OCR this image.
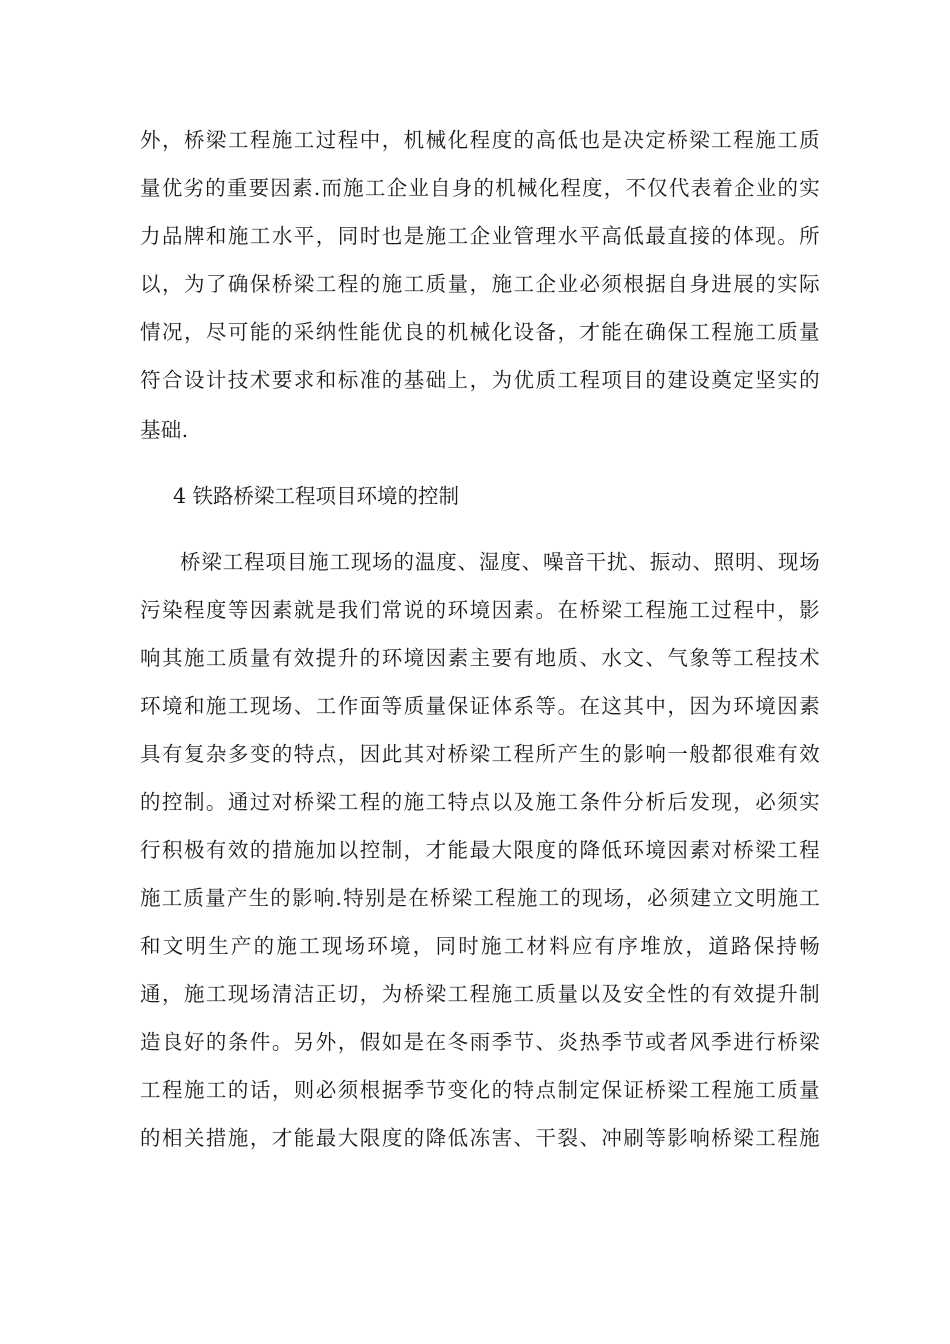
外，桥梁工程施工过程中，机械化程度的高低也是决定桥梁工程施工质
量优劣的重要因素.而施工企业自身的机械化程度，不仅代表着企业的实
力品牌和施工水平，同时也是施工企业管理水平高低最直接的体现。所
以，为了确保桥梁工程的施工质量，施工企业必须根据自身进展的实际
情况，尽可能的采纳性能优良的机械化设备，才能在确保工程施工质量
符合设计技术要求和标准的基础上，为优质工程项目的建设奠定坚实的
基础.
4 铁路桥梁工程项目环境的控制
桥梁工程项目施工现场的温度、湿度、噪音干扰、振动、照明、现场
污染程度等因素就是我们常说的环境因素。在桥梁工程施工过程中，影
响其施工质量有效提升的环境因素主要有地质、水文、气象等工程技术
环境和施工现场、工作面等质量保证体系等。在这其中，因为环境因素
具有复杂多变的特点，因此其对桥梁工程所产生的影响一般都很难有效
的控制。通过对桥梁工程的施工特点以及施工条件分析后发现，必须实
行积极有效的措施加以控制，才能最大限度的降低环境因素对桥梁工程
施工质量产生的影响.特别是在桥梁工程施工的现场，必须建立文明施工
和文明生产的施工现场环境，同时施工材料应有序堆放，道路保持畅
通，施工现场清洁正切，为桥梁工程施工质量以及安全性的有效提升制
造良好的条件。另外，假如是在冬雨季节、炎热季节或者风季进行桥梁
工程施工的话，则必须根据季节变化的特点制定保证桥梁工程施工质量
的相关措施，才能最大限度的降低冻害、干裂、冲刷等影响桥梁工程施
